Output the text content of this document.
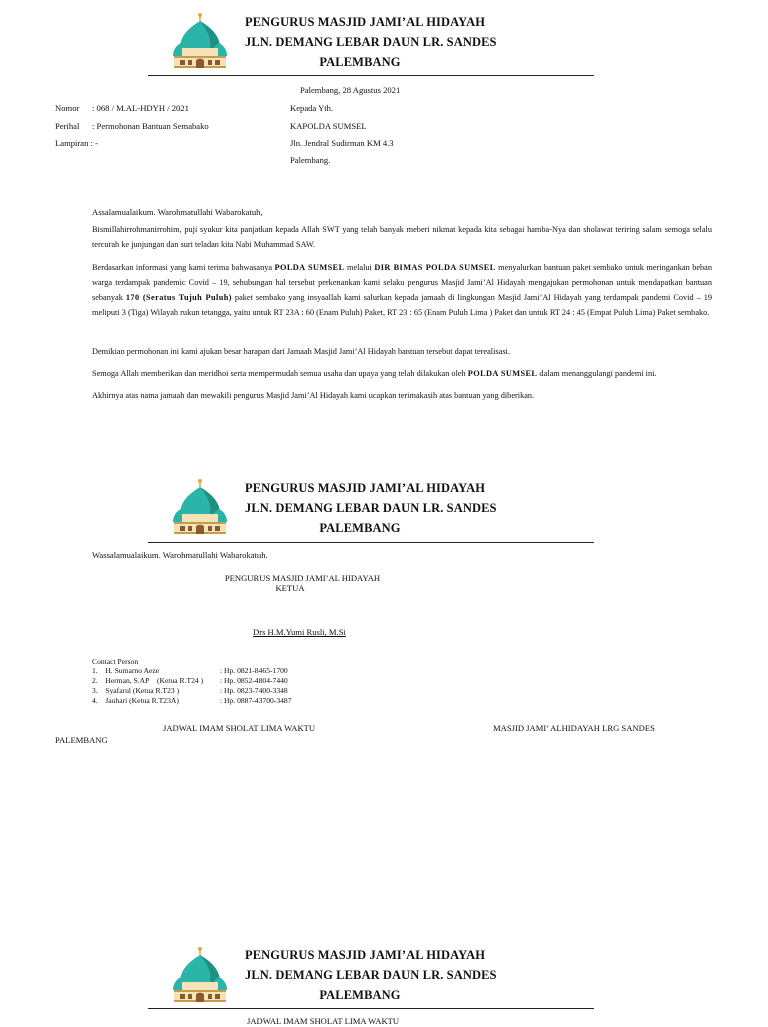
PENGURUS MASJID JAMI’AL HIDAYAH
JLN. DEMANG LEBAR DAUN LR. SANDES
PALEMBANG
Palembang, 28 Agustus 2021
Nomor : 068 / M.AL-HDYH / 2021
Perihal : Permohonan Bantuan Semabako
Lampiran : -
Kepada Yth.
KAPOLDA SUMSEL
Jln. Jendral Sudirman KM 4.3
Palembang.
Assalamualaikum. Warohmatullahi Wabarokatuh,
Bismillahirrohmanirrohim, puji syukur kita panjatkan kepada Allah SWT yang telah banyak meberi nikmat kepada kita sebagai hamba-Nya dan sholawat teriring salam semoga selalu tercurah ke junjungan dan suri teladan kita Nabi Muhammad SAW.
Berdasarkan informasi yang kami terima bahwasanya POLDA SUMSEL melalui DIR BIMAS POLDA SUMSEL menyalurkan bantuan paket sembako untuk meringankan beban warga terdampak pandemic Covid – 19, sehubungan hal tersebut perkenankan kami selaku pengurus Masjid Jami’Al Hidayah mengajukan permohonan untuk mendapatkan bantuan sebanyak 170 (Seratus Tujuh Puluh) paket sembako yang insyaallah kami salurkan kepada jamaah di lingkungan Masjid Jami’Al Hidayah yang terdampak pandemi Covid – 19 meliputi 3 (Tiga) Wilayah rukun tetangga, yaitu untuk RT 23A : 60 (Enam Puluh) Paket, RT 23 : 65 (Enam Puluh Lima ) Paket dan untuk RT 24 : 45 (Empat Puluh Lima) Paket sembako.
Demikian permohonan ini kami ajukan besar harapan dari Jamaah Masjid Jami’Al Hidayah bantuan tersebut dapat terealisasi.
Semoga Allah memberikan dan meridhoi serta mempermudah semua usaha dan upaya yang telah dilakukan oleh POLDA SUMSEL dalam menanggulangi pandemi ini.
Akhirnya atas nama jamaah dan mewakili pengurus Masjid Jami’Al Hidayah kami ucapkan terimakasih atas bantuan yang diberikan.
PENGURUS MASJID JAMI’AL HIDAYAH
JLN. DEMANG LEBAR DAUN LR. SANDES
PALEMBANG
Wassalamualaikum. Warohmatullahi Wabarokatuh.
PENGURUS MASJID JAMI’AL HIDAYAH
KETUA
Drs H.M.Yumi Rusli, M.Si
Contact Person
1.    H. Sumarno Aeze	: Hp. 0821-8465-1700
2.    Herman, S.AP    (Ketua R.T24 ) : Hp. 0852-4804-7440
3.    Syafarul (Ketua R.T23 )	: Hp. 0823-7400-3348
4.    Jauhari (Ketua R.T23A)	: Hp. 0887-43700-3487
JADWAL IMAM SHOLAT LIMA WAKTU	MASJID JAMI’ ALHIDAYAH LRG SANDES
PALEMBANG
PENGURUS MASJID JAMI’AL HIDAYAH
JLN. DEMANG LEBAR DAUN LR. SANDES
PALEMBANG
JADWAL IMAM SHOLAT LIMA WAKTU
